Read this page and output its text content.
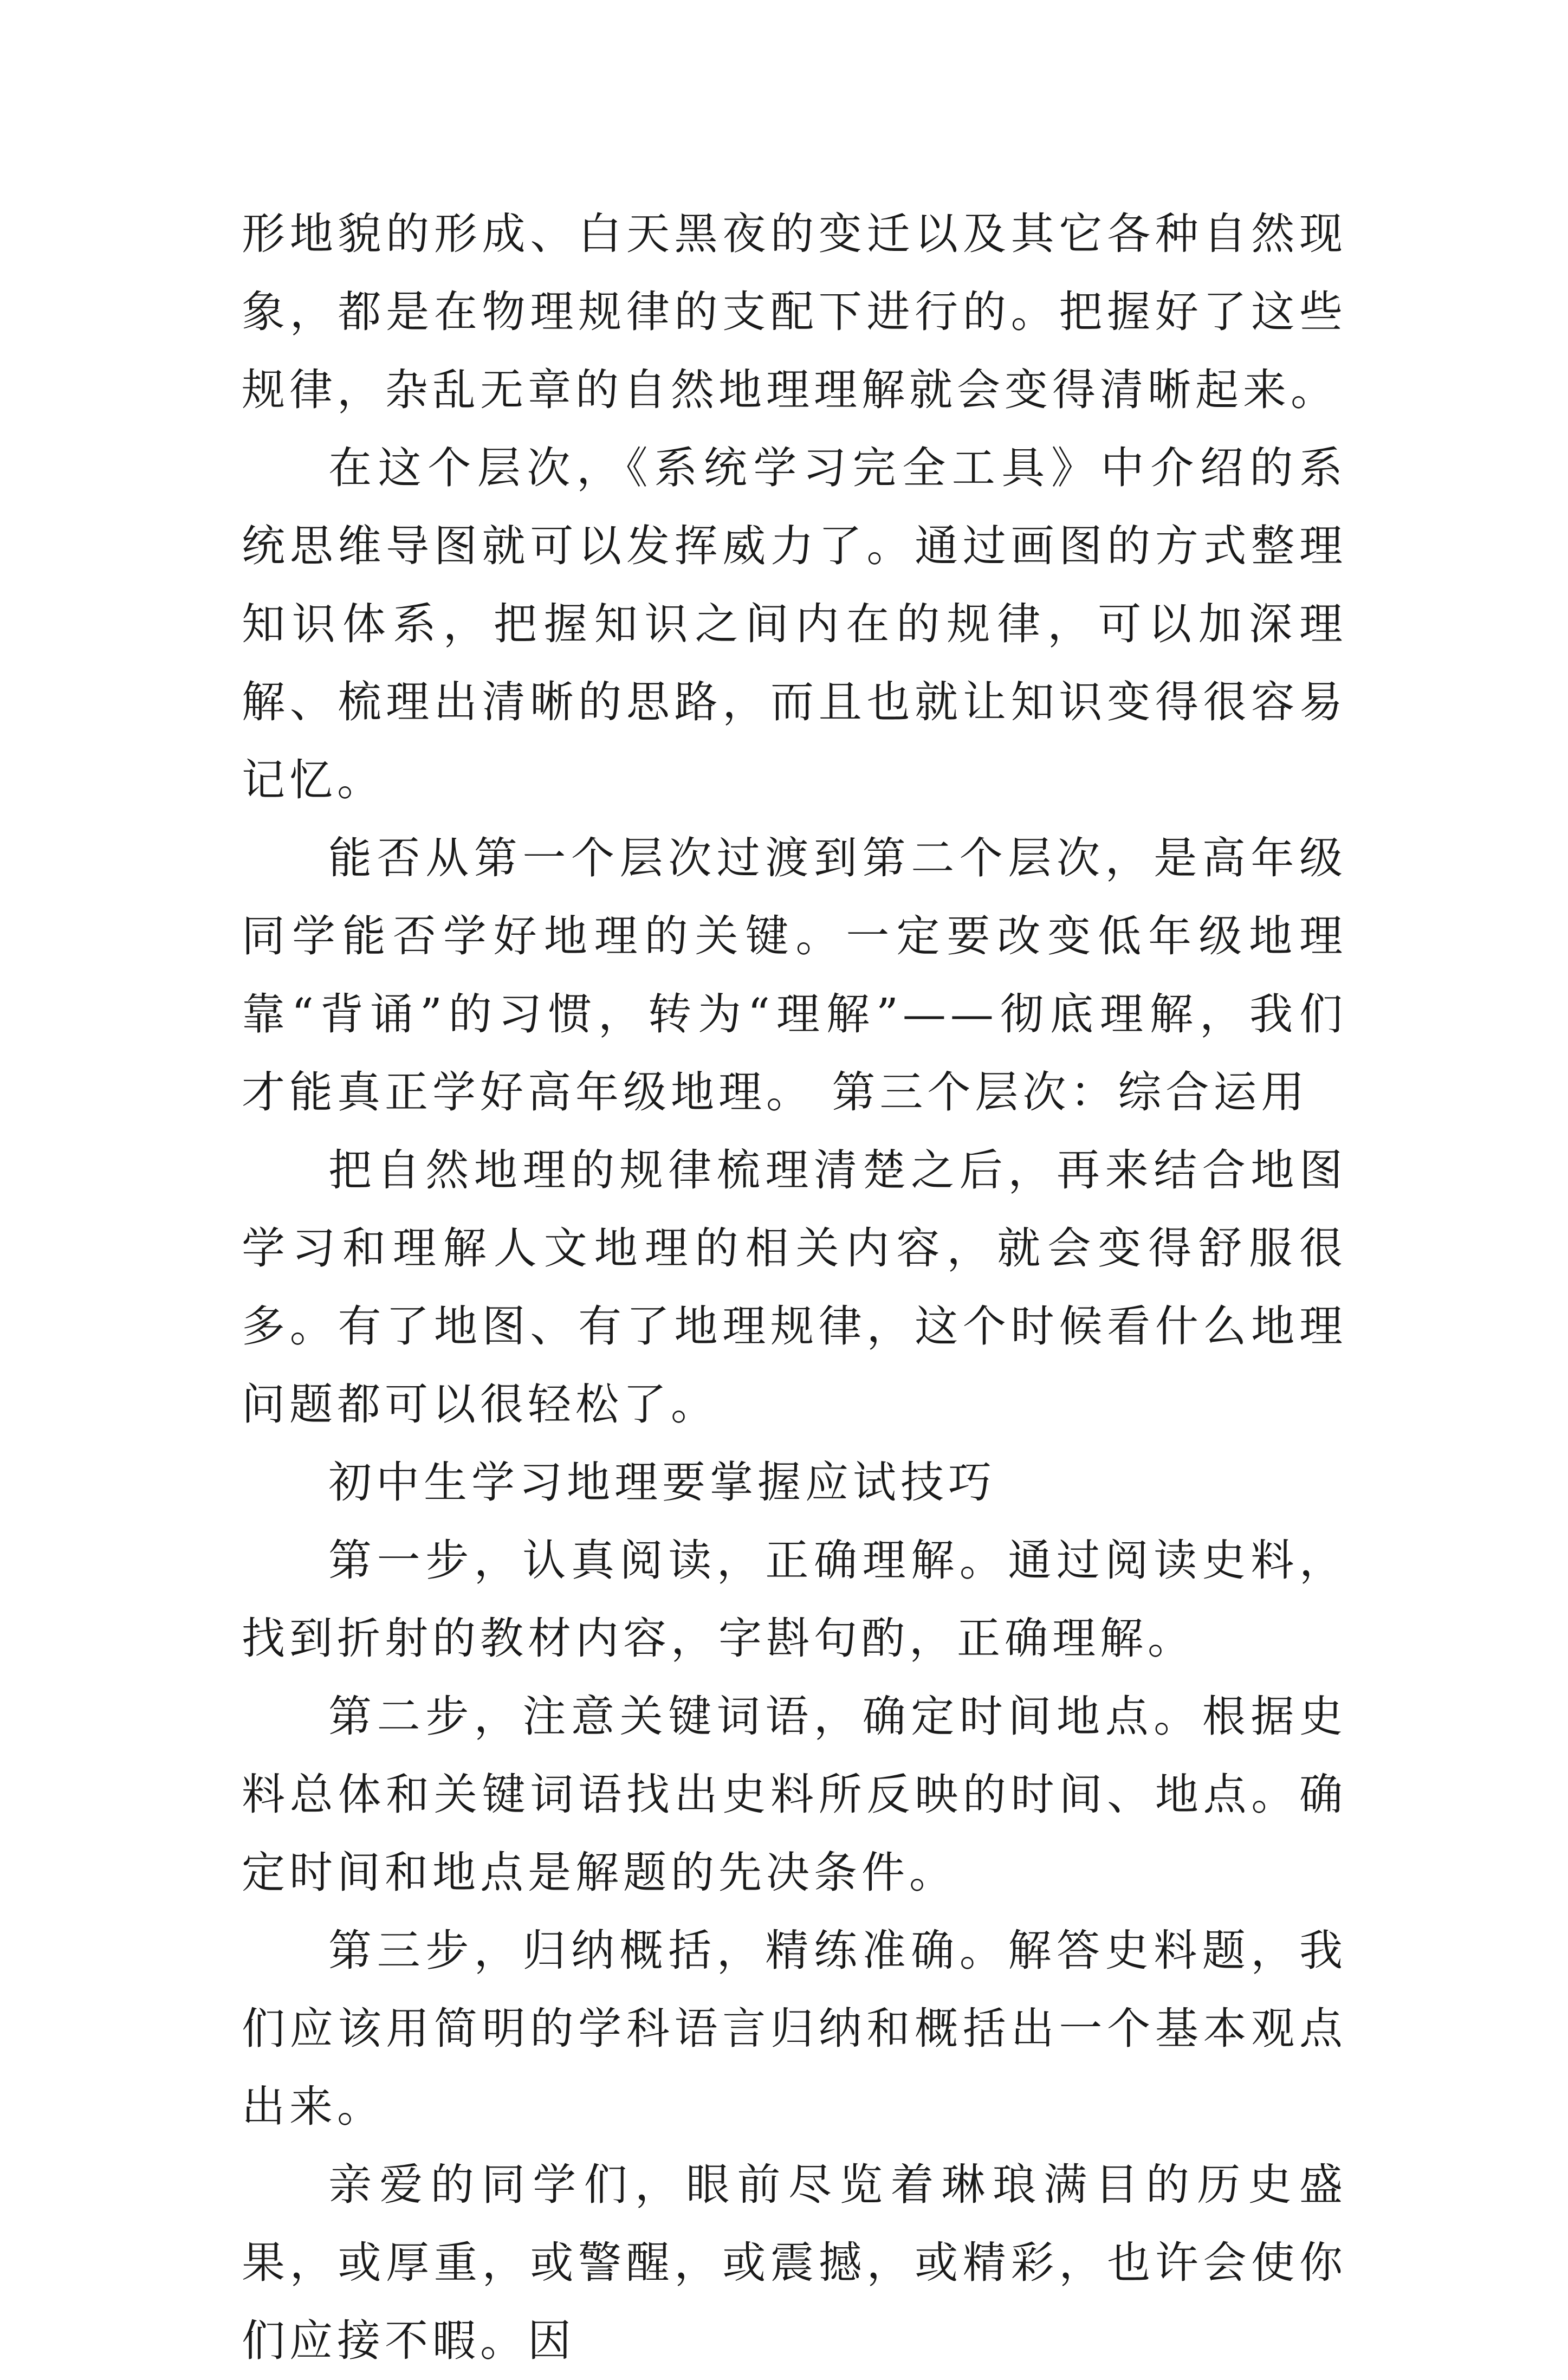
形地貌的形成、白天黑夜的变迁以及其它各种自然现象，都是在物理规律的支配下进行的。把握好了这些规律，杂乱无章的自然地理理解就会变得清晰起来。

在这个层次，《系统学习完全工具》中介绍的系统思维导图就可以发挥威力了。通过画图的方式整理知识体系，把握知识之间内在的规律，可以加深理解、梳理出清晰的思路，而且也就让知识变得很容易记忆。

能否从第一个层次过渡到第二个层次，是高年级同学能否学好地理的关键。一定要改变低年级地理靠“背诵”的习惯，转为“理解”——彻底理解，我们才能真正学好高年级地理。 第三个层次：综合运用

把自然地理的规律梳理清楚之后，再来结合地图学习和理解人文地理的相关内容，就会变得舒服很多。有了地图、有了地理规律，这个时候看什么地理问题都可以很轻松了。

初中生学习地理要掌握应试技巧

第一步，认真阅读，正确理解。通过阅读史料，找到折射的教材内容，字斟句酌，正确理解。

第二步，注意关键词语，确定时间地点。根据史料总体和关键词语找出史料所反映的时间、地点。确定时间和地点是解题的先决条件。

第三步，归纳概括，精练准确。解答史料题，我们应该用简明的学科语言归纳和概括出一个基本观点出来。

亲爱的同学们，眼前尽览着琳琅满目的历史盛果，或厚重，或警醒，或震撼，或精彩，也许会使你们应接不暇。因
